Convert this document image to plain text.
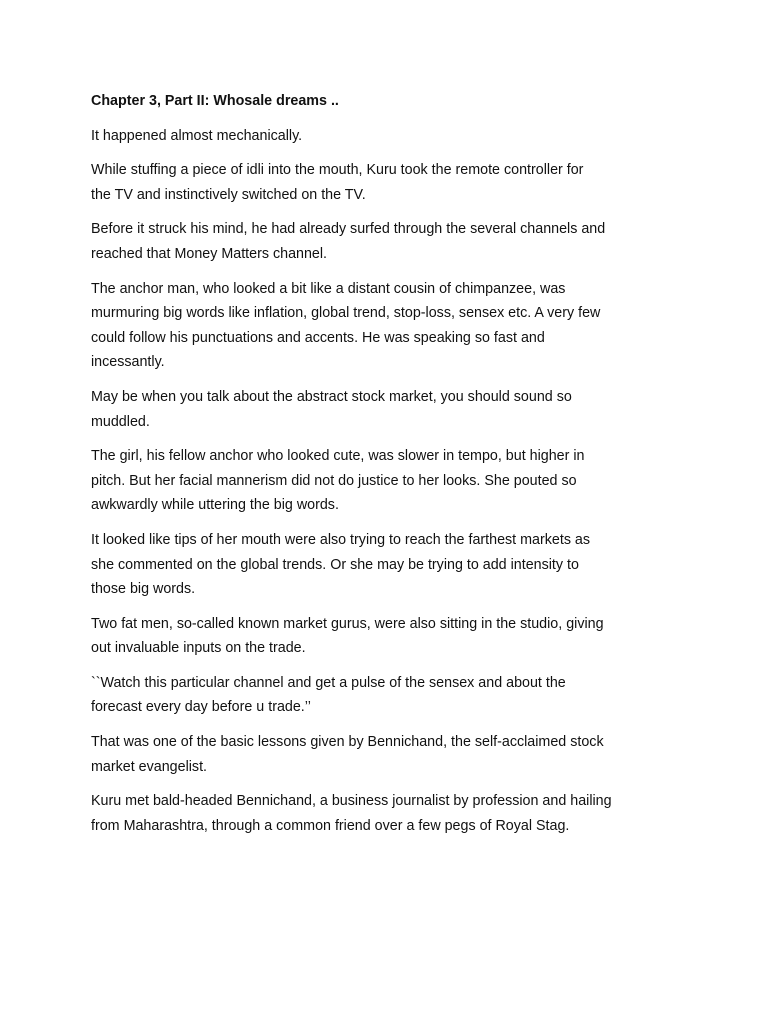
Chapter 3, Part II: Whosale dreams ..
It happened almost mechanically.
While stuffing a piece of idli into the mouth, Kuru took the remote controller for
the TV and instinctively switched on the TV.
Before it struck his mind, he had already surfed through the several channels and
reached that Money Matters channel.
The anchor man, who looked a bit like a distant cousin of chimpanzee, was
murmuring big words like inflation, global trend, stop-loss, sensex etc. A very few
could follow his punctuations and accents. He was speaking so fast and
incessantly.
May be when you talk about the abstract stock market, you should sound so
muddled.
The girl, his fellow anchor who looked cute, was slower in tempo, but higher in
pitch. But her facial mannerism did not do justice to her looks. She pouted so
awkwardly while uttering the big words.
It looked like tips of her mouth were also trying to reach the farthest markets as
she commented on the global trends. Or she may be trying to add intensity to
those big words.
Two fat men, so-called known market gurus, were also sitting in the studio, giving
out invaluable inputs on the trade.
``Watch this particular channel and get a pulse of the sensex and about the
forecast every day before u trade.’’
That was one of the basic lessons given by Bennichand, the self-acclaimed stock
market evangelist.
Kuru met bald-headed Bennichand, a business journalist by profession and hailing
from Maharashtra, through a common friend over a few pegs of Royal Stag.
